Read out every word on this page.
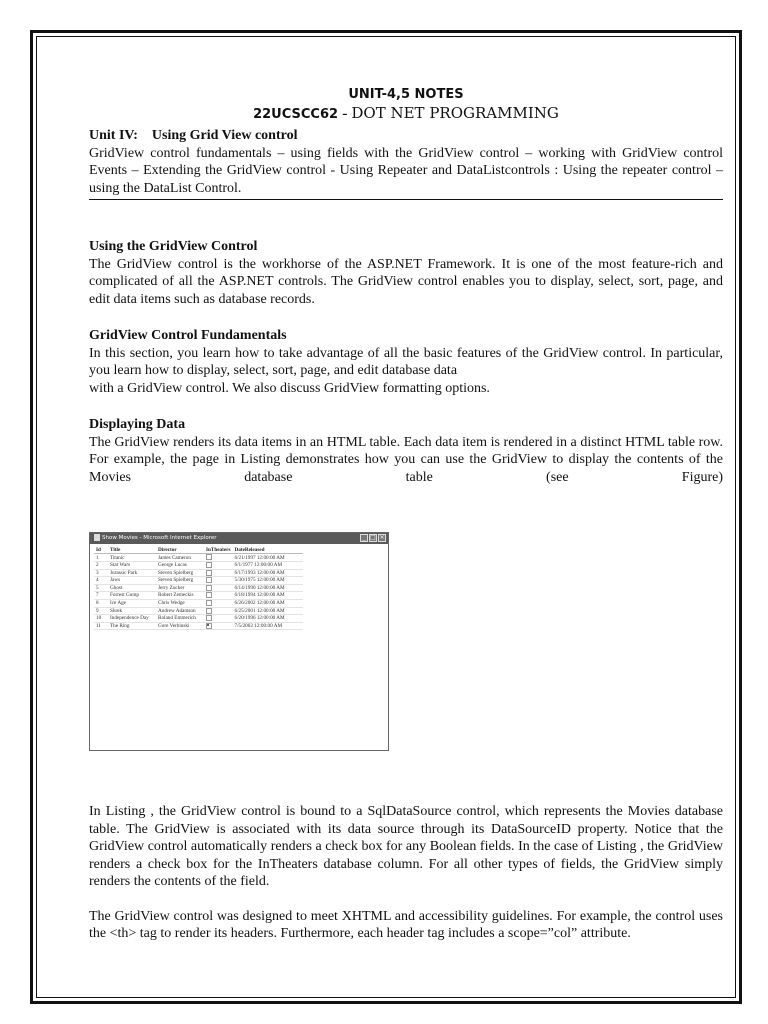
UNIT-4,5 NOTES
22UCSCC62 - DOT NET PROGRAMMING
Unit IV: Using Grid View control

GridView control fundamentals – using fields with the GridView control – working with GridView control Events – Extending the GridView control - Using Repeater and DataListcontrols : Using the repeater control – using the DataList Control.

Using the GridView Control

The GridView control is the workhorse of the ASP.NET Framework. It is one of the most feature-rich and complicated of all the ASP.NET controls. The GridView control enables you to display, select, sort, page, and edit data items such as database records.

GridView Control Fundamentals

In this section, you learn how to take advantage of all the basic features of the GridView control. In particular, you learn how to display, select, sort, page, and edit database data

with a GridView control. We also discuss GridView formatting options.

Displaying Data

The GridView renders its data items in an HTML table. Each data item is rendered in a distinct HTML table row. For example, the page in Listing demonstrates how you can use the GridView to display the contents of the Movies database table (see Figure)

Show Movies - Microsoft Internet Explorer	_ □ ×
Id	Title	Director	InTheaters	DateReleased
1	Titanic	James Cameron		6/21/1997 12:00:00 AM
2	Star Wars	George Lucas		6/1/1977 12:00:00 AM
3	Jurassic Park	Steven Spielberg		6/17/1993 12:00:00 AM
4	Jaws	Steven Spielberg		5/30/1975 12:00:00 AM
5	Ghost	Jerry Zucker		6/14/1990 12:00:00 AM
7	Forrest Gump	Robert Zemeckis		6/18/1994 12:00:00 AM
8	Ice Age	Chris Wedge		6/26/2002 12:00:00 AM
9	Shrek	Andrew Adamson		6/25/2001 12:00:00 AM
10	Independence Day	Roland Emmerich		6/20/1996 12:00:00 AM
11	The Ring	Gore Verbinski		7/5/2002 12:00:00 AM

In Listing , the GridView control is bound to a SqlDataSource control, which represents the Movies database table. The GridView is associated with its data source through its DataSourceID property. Notice that the GridView control automatically renders a check box for any Boolean fields. In the case of Listing , the GridView renders a check box for the InTheaters database column. For all other types of fields, the GridView simply renders the contents of the field.

The GridView control was designed to meet XHTML and accessibility guidelines. For example, the control uses the <th> tag to render its headers. Furthermore, each header tag includes a scope=”col” attribute.
